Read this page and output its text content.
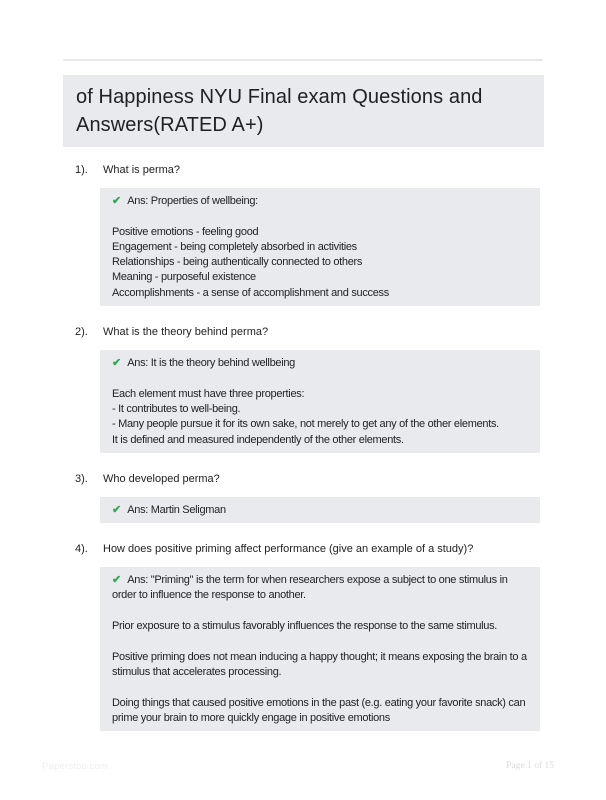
of Happiness NYU Final exam Questions and Answers(RATED A+)
1).	What is perma?
✔ Ans: Properties of wellbeing:
Positive emotions - feeling good
Engagement - being completely absorbed in activities
Relationships - being authentically connected to others
Meaning - purposeful existence
Accomplishments - a sense of accomplishment and success
2).	What is the theory behind perma?
✔ Ans: It is the theory behind wellbeing
Each element must have three properties:
- It contributes to well-being.
- Many people pursue it for its own sake, not merely to get any of the other elements.
It is defined and measured independently of the other elements.
3).	Who developed perma?
✔ Ans: Martin Seligman
4).	How does positive priming affect performance (give an example of a study)?
✔ Ans: "Priming" is the term for when researchers expose a subject to one stimulus in order to influence the response to another.
Prior exposure to a stimulus favorably influences the response to the same stimulus.
Positive priming does not mean inducing a happy thought; it means exposing the brain to a stimulus that accelerates processing.
Doing things that caused positive emotions in the past (e.g. eating your favorite snack) can prime your brain to more quickly engage in positive emotions
Paperstoc.com	Page 1 of 15
